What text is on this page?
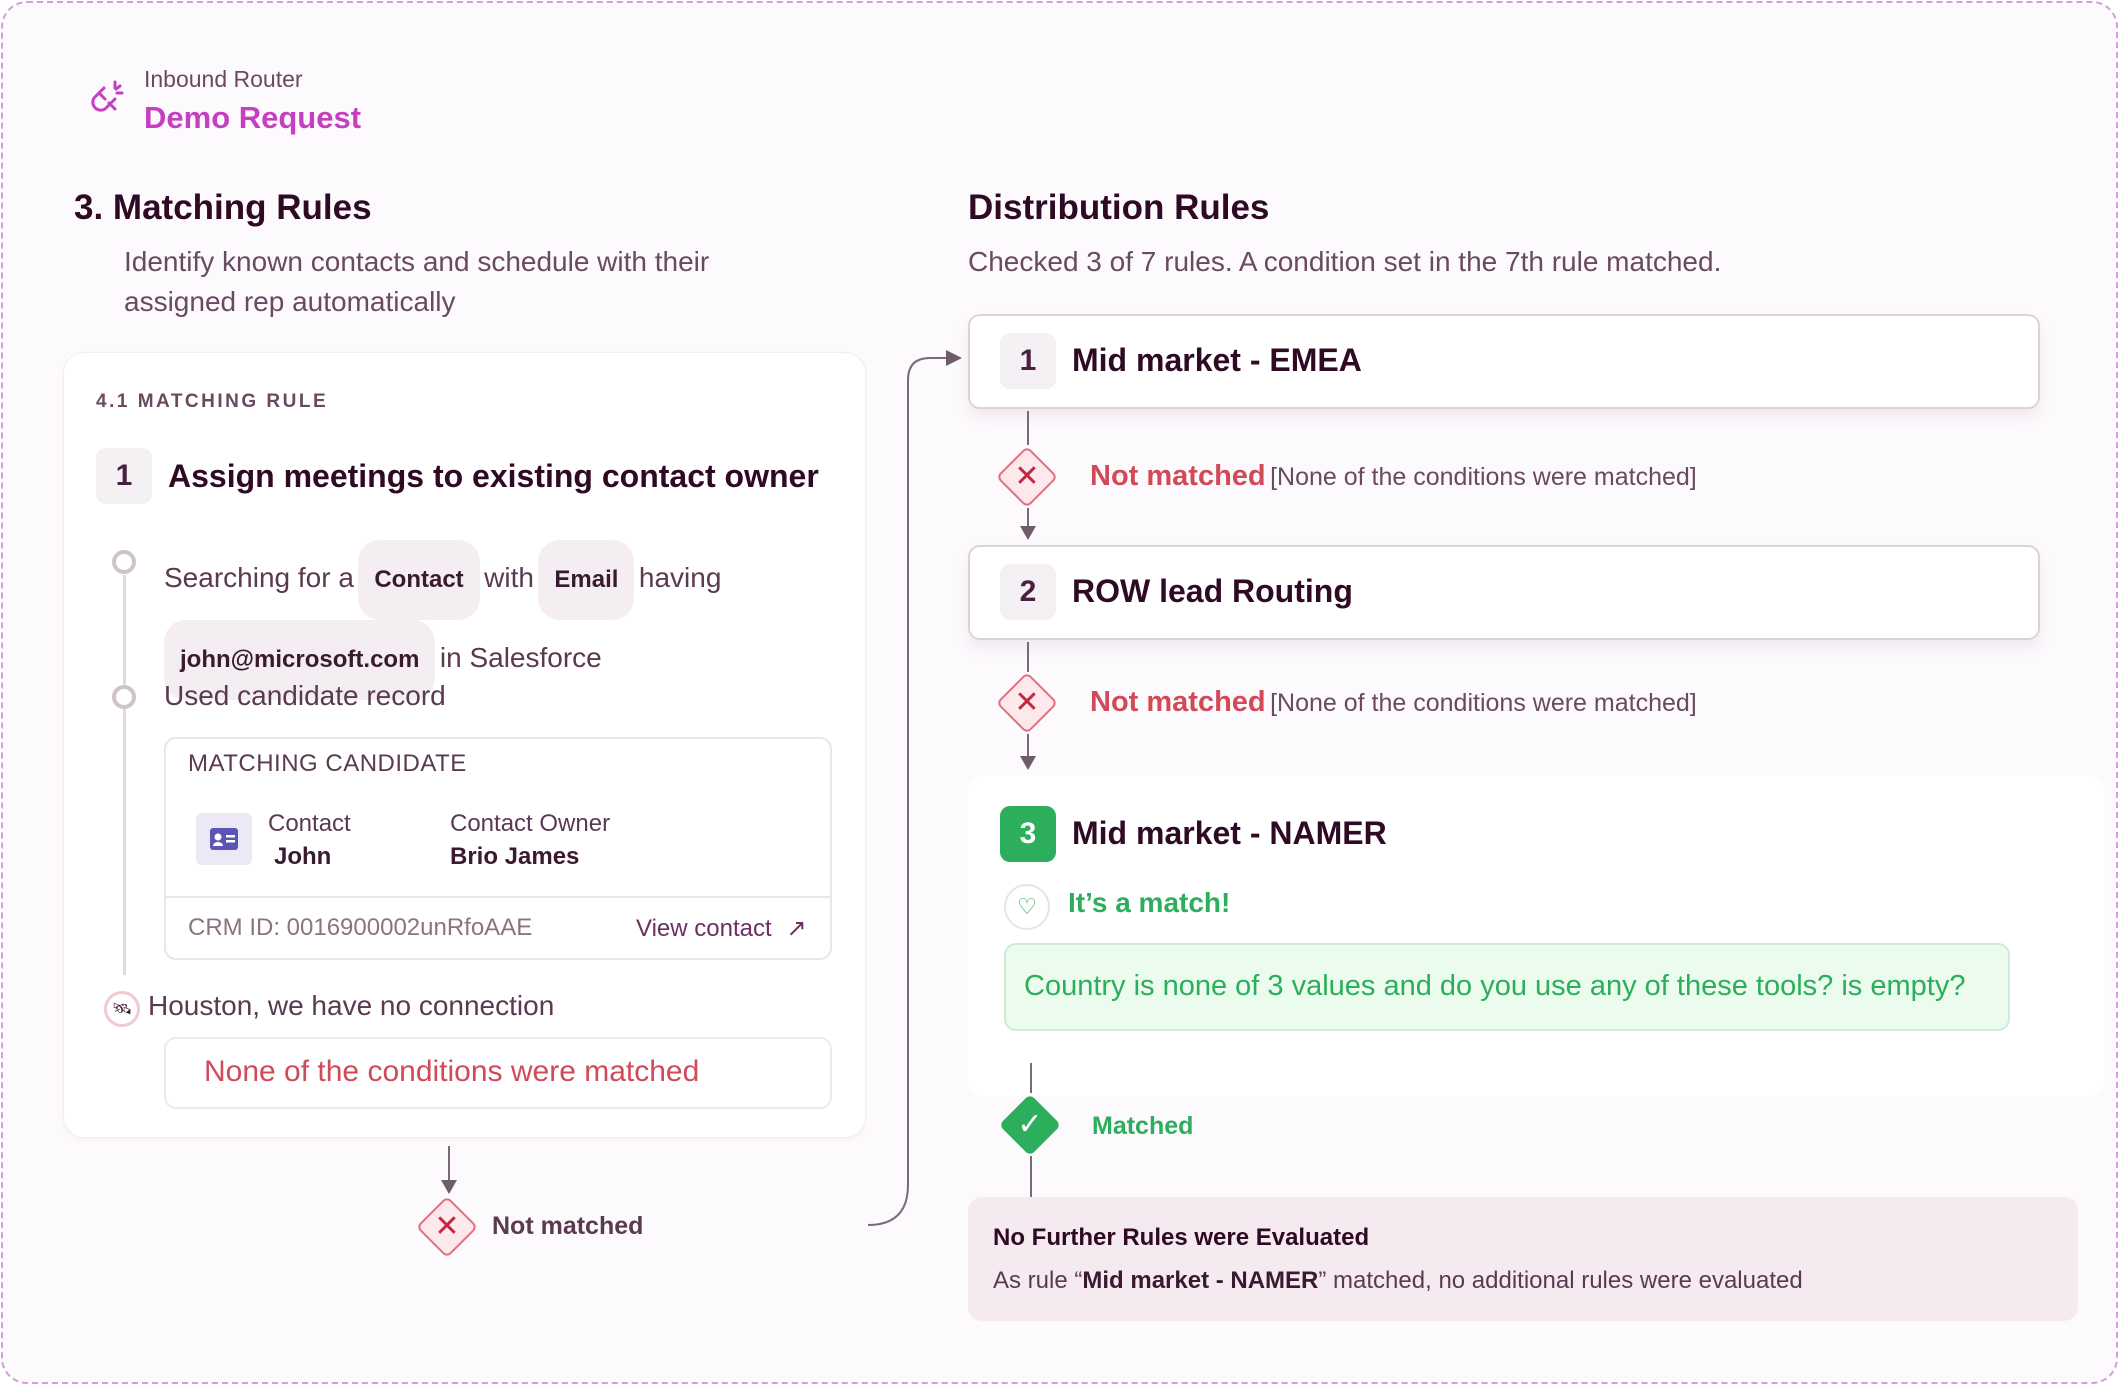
Inbound Router
Demo Request
3. Matching Rules
Identify known contacts and schedule with their
assigned rep automatically
4.1 MATCHING RULE
1	Assign meetings to existing contact owner
Searching for a Contact with Email having
john@microsoft.com in Salesforce
Used candidate record
MATCHING CANDIDATE
Contact
John
Contact Owner
Brio James
CRM ID: 0016900002unRfoAAE	View contact ↗
🛰 Houston, we have no connection
None of the conditions were matched
✕ Not matched
Distribution Rules
Checked 3 of 7 rules. A condition set in the 7th rule matched.
1	Mid market - EMEA
✕ Not matched [None of the conditions were matched]
2	ROW lead Routing
✕ Not matched [None of the conditions were matched]
3	Mid market - NAMER
♡	It’s a match!
Country is none of 3 values and do you use any of these tools? is empty?
✓ Matched
No Further Rules were Evaluated
As rule “Mid market - NAMER” matched, no additional rules were evaluated
